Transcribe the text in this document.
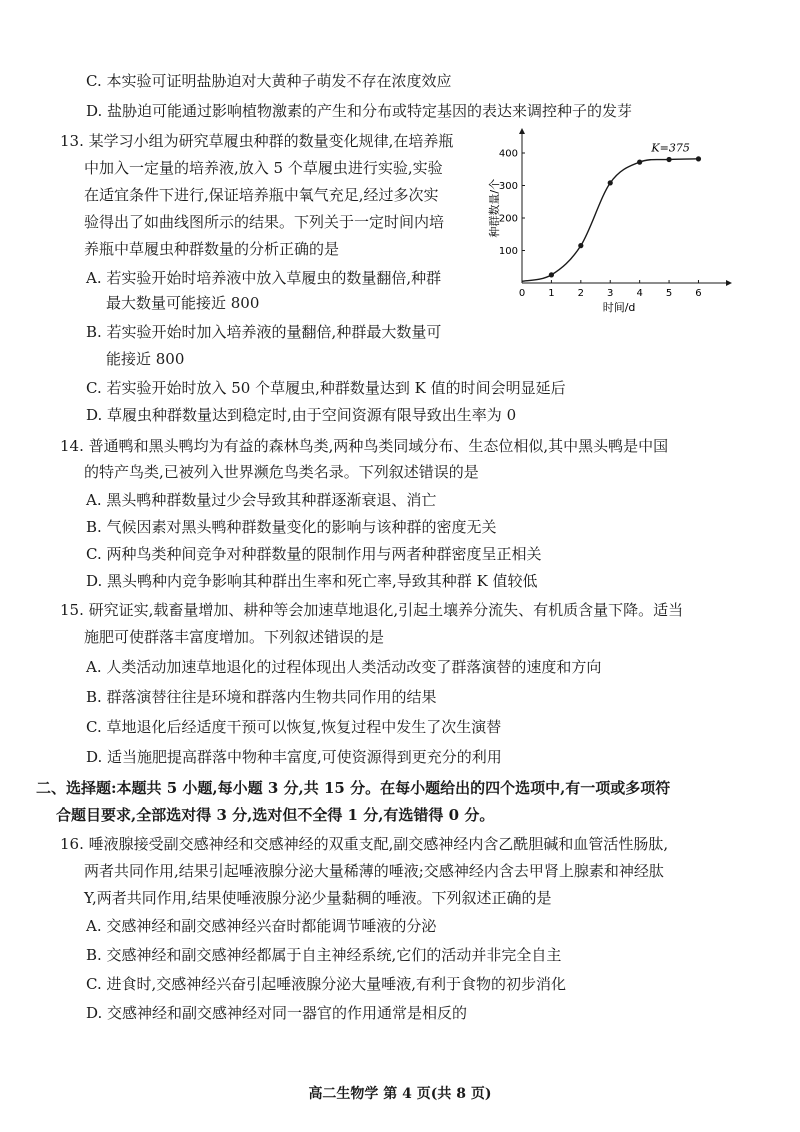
C. 本实验可证明盐胁迫对大黄种子萌发不存在浓度效应
D. 盐胁迫可能通过影响植物激素的产生和分布或特定基因的表达来调控种子的发芽
13. 某学习小组为研究草履虫种群的数量变化规律,在培养瓶
中加入一定量的培养液,放入 5 个草履虫进行实验,实验
在适宜条件下进行,保证培养瓶中氧气充足,经过多次实
验得出了如曲线图所示的结果。下列关于一定时间内培
养瓶中草履虫种群数量的分析正确的是
A. 若实验开始时培养液中放入草履虫的数量翻倍,种群
最大数量可能接近 800
B. 若实验开始时加入培养液的量翻倍,种群最大数量可
能接近 800
C. 若实验开始时放入 50 个草履虫,种群数量达到 K 值的时间会明显延后
D. 草履虫种群数量达到稳定时,由于空间资源有限导致出生率为 0
14. 普通鸭和黑头鸭均为有益的森林鸟类,两种鸟类同域分布、生态位相似,其中黑头鸭是中国
的特产鸟类,已被列入世界濒危鸟类名录。下列叙述错误的是
A. 黑头鸭种群数量过少会导致其种群逐渐衰退、消亡
B. 气候因素对黑头鸭种群数量变化的影响与该种群的密度无关
C. 两种鸟类种间竞争对种群数量的限制作用与两者种群密度呈正相关
D. 黑头鸭种内竞争影响其种群出生率和死亡率,导致其种群 K 值较低
15. 研究证实,载畜量增加、耕种等会加速草地退化,引起土壤养分流失、有机质含量下降。适当
施肥可使群落丰富度增加。下列叙述错误的是
A. 人类活动加速草地退化的过程体现出人类活动改变了群落演替的速度和方向
B. 群落演替往往是环境和群落内生物共同作用的结果
C. 草地退化后经适度干预可以恢复,恢复过程中发生了次生演替
D. 适当施肥提高群落中物种丰富度,可使资源得到更充分的利用
二、选择题:本题共 5 小题,每小题 3 分,共 15 分。在每小题给出的四个选项中,有一项或多项符
合题目要求,全部选对得 3 分,选对但不全得 1 分,有选错得 0 分。
16. 唾液腺接受副交感神经和交感神经的双重支配,副交感神经内含乙酰胆碱和血管活性肠肽,
两者共同作用,结果引起唾液腺分泌大量稀薄的唾液;交感神经内含去甲肾上腺素和神经肽
Y,两者共同作用,结果使唾液腺分泌少量黏稠的唾液。下列叙述正确的是
A. 交感神经和副交感神经兴奋时都能调节唾液的分泌
B. 交感神经和副交感神经都属于自主神经系统,它们的活动并非完全自主
C. 进食时,交感神经兴奋引起唾液腺分泌大量唾液,有利于食物的初步消化
D. 交感神经和副交感神经对同一器官的作用通常是相反的
0 1 2 3 4 5 6
100
200
300
400	K=375
时间/d
种群数量/个
高二生物学 第 4 页(共 8 页)
